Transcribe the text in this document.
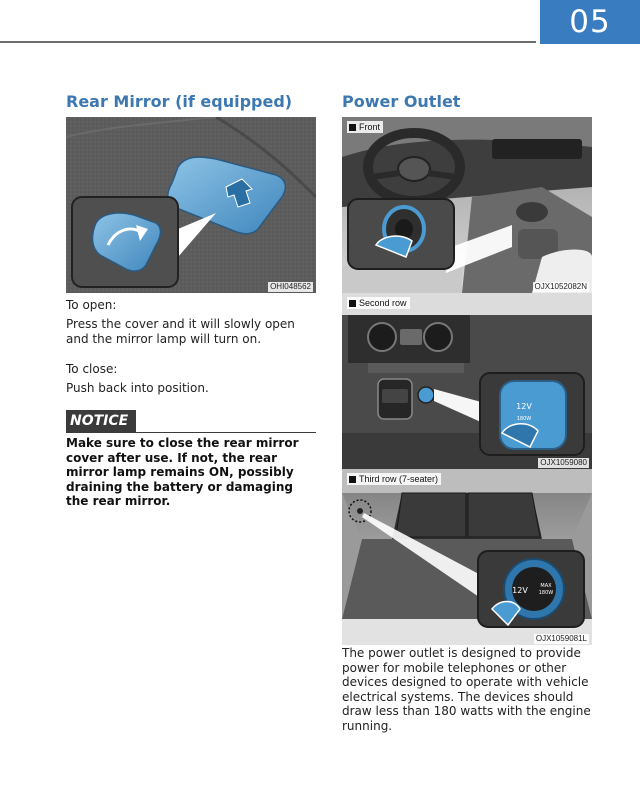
05
Rear Mirror (if equipped)
OHI048562
To open:
Press the cover and it will slowly open and the mirror lamp will turn on.
To close:
Push back into position.
NOTICE
Make sure to close the rear mirror cover after use. If not, the rear mirror lamp remains ON, possibly draining the battery or damaging the rear mirror.
Power Outlet
Front
OJX1052082N
12V
180W
Second row
OJX1059080
12V	MAX
180W
Third row (7-seater)
OJX1059081L
The power outlet is designed to provide power for mobile telephones or other devices designed to operate with vehicle electrical systems. The devices should draw less than 180 watts with the engine running.
